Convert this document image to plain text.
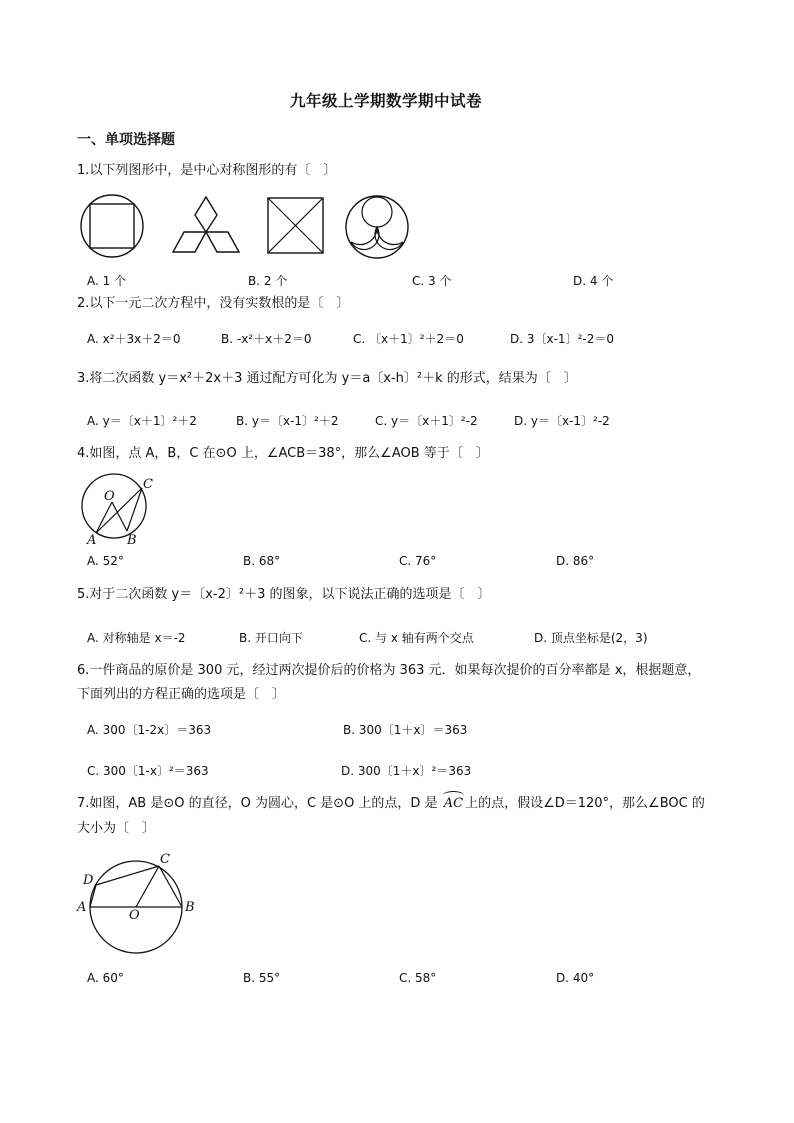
九年级上学期数学期中试卷
一、单项选择题
1.以下列图形中，是中心对称图形的有〔　〕
A. 1 个	B. 2 个	C. 3 个	D. 4 个
2.以下一元二次方程中，没有实数根的是〔　〕
A. x²＋3x＋2＝0	B. -x²＋x＋2＝0	C. 〔x＋1〕²＋2＝0	D. 3〔x-1〕²-2＝0
3.将二次函数 y＝x²＋2x＋3 通过配方可化为 y＝a〔x-h〕²＋k 的形式，结果为〔　〕
A. y＝〔x＋1〕²＋2	B. y＝〔x-1〕²＋2	C. y＝〔x＋1〕²-2	D. y＝〔x-1〕²-2
4.如图，点 A，B，C 在⊙O 上，∠ACB＝38°，那么∠AOB 等于〔　〕
O
C
A B
A. 52°	B. 68°	C. 76°	D. 86°
5.对于二次函数 y＝〔x-2〕²＋3 的图象，以下说法正确的选项是〔　〕
A. 对称轴是 x＝-2	B. 开口向下	C. 与 x 轴有两个交点	D. 顶点坐标是(2，3)
6.一件商品的原价是 300 元，经过两次提价后的价格为 363 元．如果每次提价的百分率都是 x，根据题意，
下面列出的方程正确的选项是〔　〕
A. 300〔1-2x〕＝363	B. 300〔1＋x〕＝363
C. 300〔1-x〕²＝363	D. 300〔1＋x〕²＝363
7.如图，AB 是⊙O 的直径，O 为圆心，C 是⊙O 上的点，D 是
AC 上的点，假设∠D＝120°，那么∠BOC 的
大小为〔　〕
C
D
A
O
B
A. 60°	B. 55°	C. 58°	D. 40°
